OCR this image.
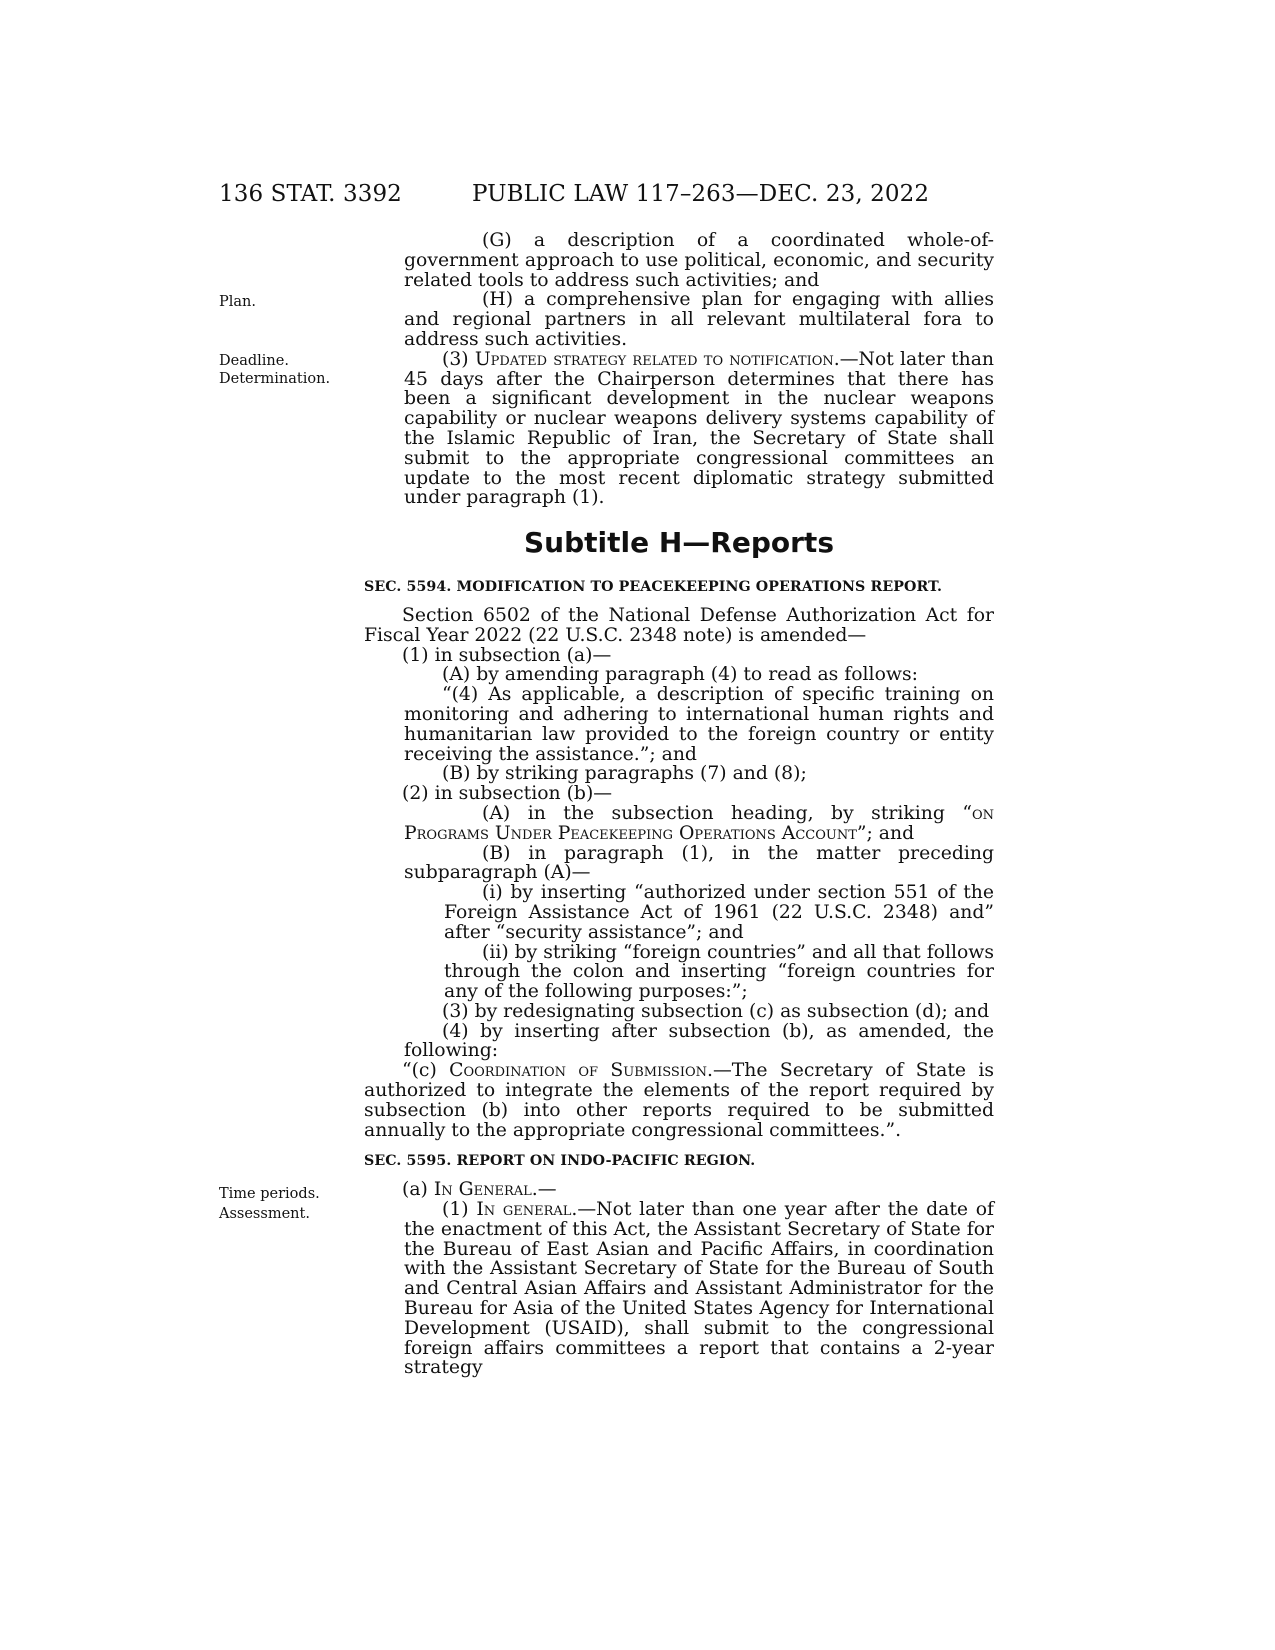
136 STAT. 3392	PUBLIC LAW 117–263—DEC. 23, 2022
Plan.
Deadline.
Determination.
Time periods.
Assessment.

(G) a description of a coordinated whole-of-government approach to use political, economic, and security related tools to address such activities; and

(H) a comprehensive plan for engaging with allies and regional partners in all relevant multilateral fora to address such activities.

(3) Updated strategy related to notification.—Not later than 45 days after the Chairperson determines that there has been a significant development in the nuclear weapons capability or nuclear weapons delivery systems capability of the Islamic Republic of Iran, the Secretary of State shall submit to the appropriate congressional committees an update to the most recent diplomatic strategy submitted under paragraph (1).

Subtitle H—Reports
SEC. 5594. MODIFICATION TO PEACEKEEPING OPERATIONS REPORT.

Section 6502 of the National Defense Authorization Act for Fiscal Year 2022 (22 U.S.C. 2348 note) is amended—

(1) in subsection (a)—

(A) by amending paragraph (4) to read as follows:

“(4) As applicable, a description of specific training on monitoring and adhering to international human rights and humanitarian law provided to the foreign country or entity receiving the assistance.”; and

(B) by striking paragraphs (7) and (8);

(2) in subsection (b)—

(A) in the subsection heading, by striking “on Programs Under Peacekeeping Operations Account”; and

(B) in paragraph (1), in the matter preceding subparagraph (A)—

(i) by inserting “authorized under section 551 of the Foreign Assistance Act of 1961 (22 U.S.C. 2348) and” after “security assistance”; and

(ii) by striking “foreign countries” and all that follows through the colon and inserting “foreign countries for any of the following purposes:”;

(3) by redesignating subsection (c) as subsection (d); and

(4) by inserting after subsection (b), as amended, the following:

“(c) Coordination of Submission.—The Secretary of State is authorized to integrate the elements of the report required by subsection (b) into other reports required to be submitted annually to the appropriate congressional committees.”.

SEC. 5595. REPORT ON INDO-PACIFIC REGION.

(a) In General.—

(1) In general.—Not later than one year after the date of the enactment of this Act, the Assistant Secretary of State for the Bureau of East Asian and Pacific Affairs, in coordination with the Assistant Secretary of State for the Bureau of South and Central Asian Affairs and Assistant Administrator for the Bureau for Asia of the United States Agency for International Development (USAID), shall submit to the congressional foreign affairs committees a report that contains a 2-year strategy
